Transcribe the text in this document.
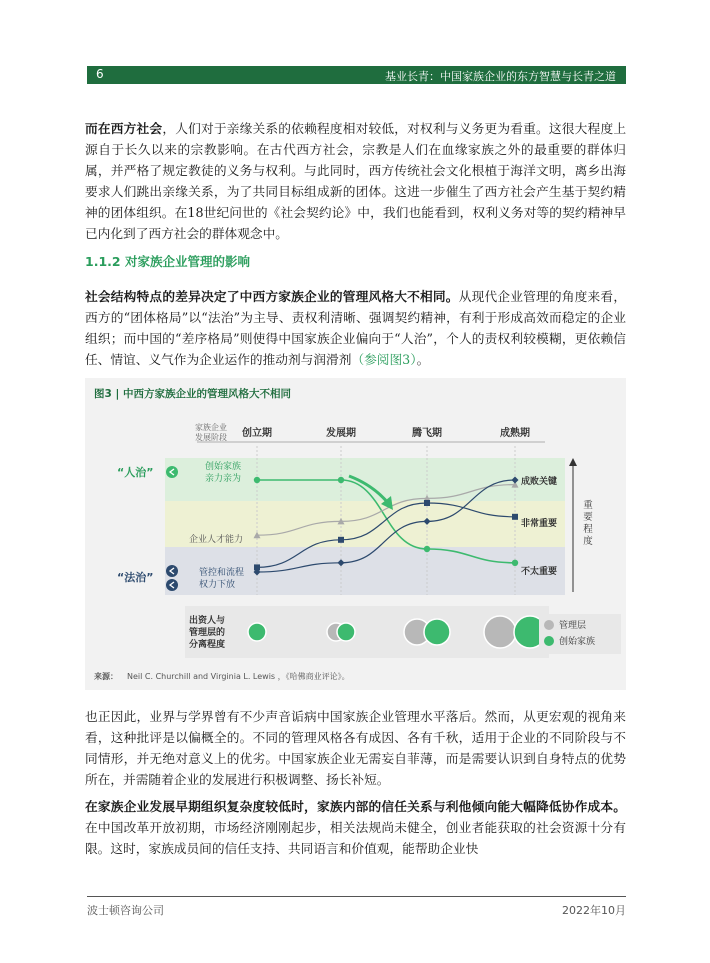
6	基业长青：中国家族企业的东方智慧与长青之道
而在西方社会，人们对于亲缘关系的依赖程度相对较低，对权利与义务更为看重。这很大程度上源自于长久以来的宗教影响。在古代西方社会，宗教是人们在血缘家族之外的最重要的群体归属，并严格了规定教徒的义务与权利。与此同时，西方传统社会文化根植于海洋文明，离乡出海要求人们跳出亲缘关系，为了共同目标组成新的团体。这进一步催生了西方社会产生基于契约精神的团体组织。在18世纪问世的《社会契约论》中，我们也能看到，权利义务对等的契约精神早已内化到了西方社会的群体观念中。
1.1.2 对家族企业管理的影响
社会结构特点的差异决定了中西方家族企业的管理风格大不相同。从现代企业管理的角度来看，西方的“团体格局”以“法治”为主导、责权利清晰、强调契约精神，有利于形成高效而稳定的企业组织；而中国的“差序格局”则使得中国家族企业偏向于“人治”，个人的责权利较模糊，更依赖信任、情谊、义气作为企业运作的推动剂与润滑剂（参阅图3）。
图3 | 中西方家族企业的管理风格大不相同
家族企业
发展阶段 创立期	发展期	腾飞期	成熟期
“人治”
“法治”
创始家族
亲力亲为
企业人才能力
管控和流程
权力下放
成败关键
非常重要
不太重要
重
要
程
度
出资人与
管理层的
分离程度
管理层
创始家族
来源： Neil C. Churchill and Virginia L. Lewis ，《哈佛商业评论》。
也正因此，业界与学界曾有不少声音诟病中国家族企业管理水平落后。然而，从更宏观的视角来看，这种批评是以偏概全的。不同的管理风格各有成因、各有千秋，适用于企业的不同阶段与不同情形，并无绝对意义上的优劣。中国家族企业无需妄自菲薄，而是需要认识到自身特点的优势所在，并需随着企业的发展进行积极调整、扬长补短。
在家族企业发展早期组织复杂度较低时，家族内部的信任关系与利他倾向能大幅降低协作成本。在中国改革开放初期，市场经济刚刚起步，相关法规尚未健全，创业者能获取的社会资源十分有限。这时，家族成员间的信任支持、共同语言和价值观，能帮助企业快
波士顿咨询公司	2022年10月
